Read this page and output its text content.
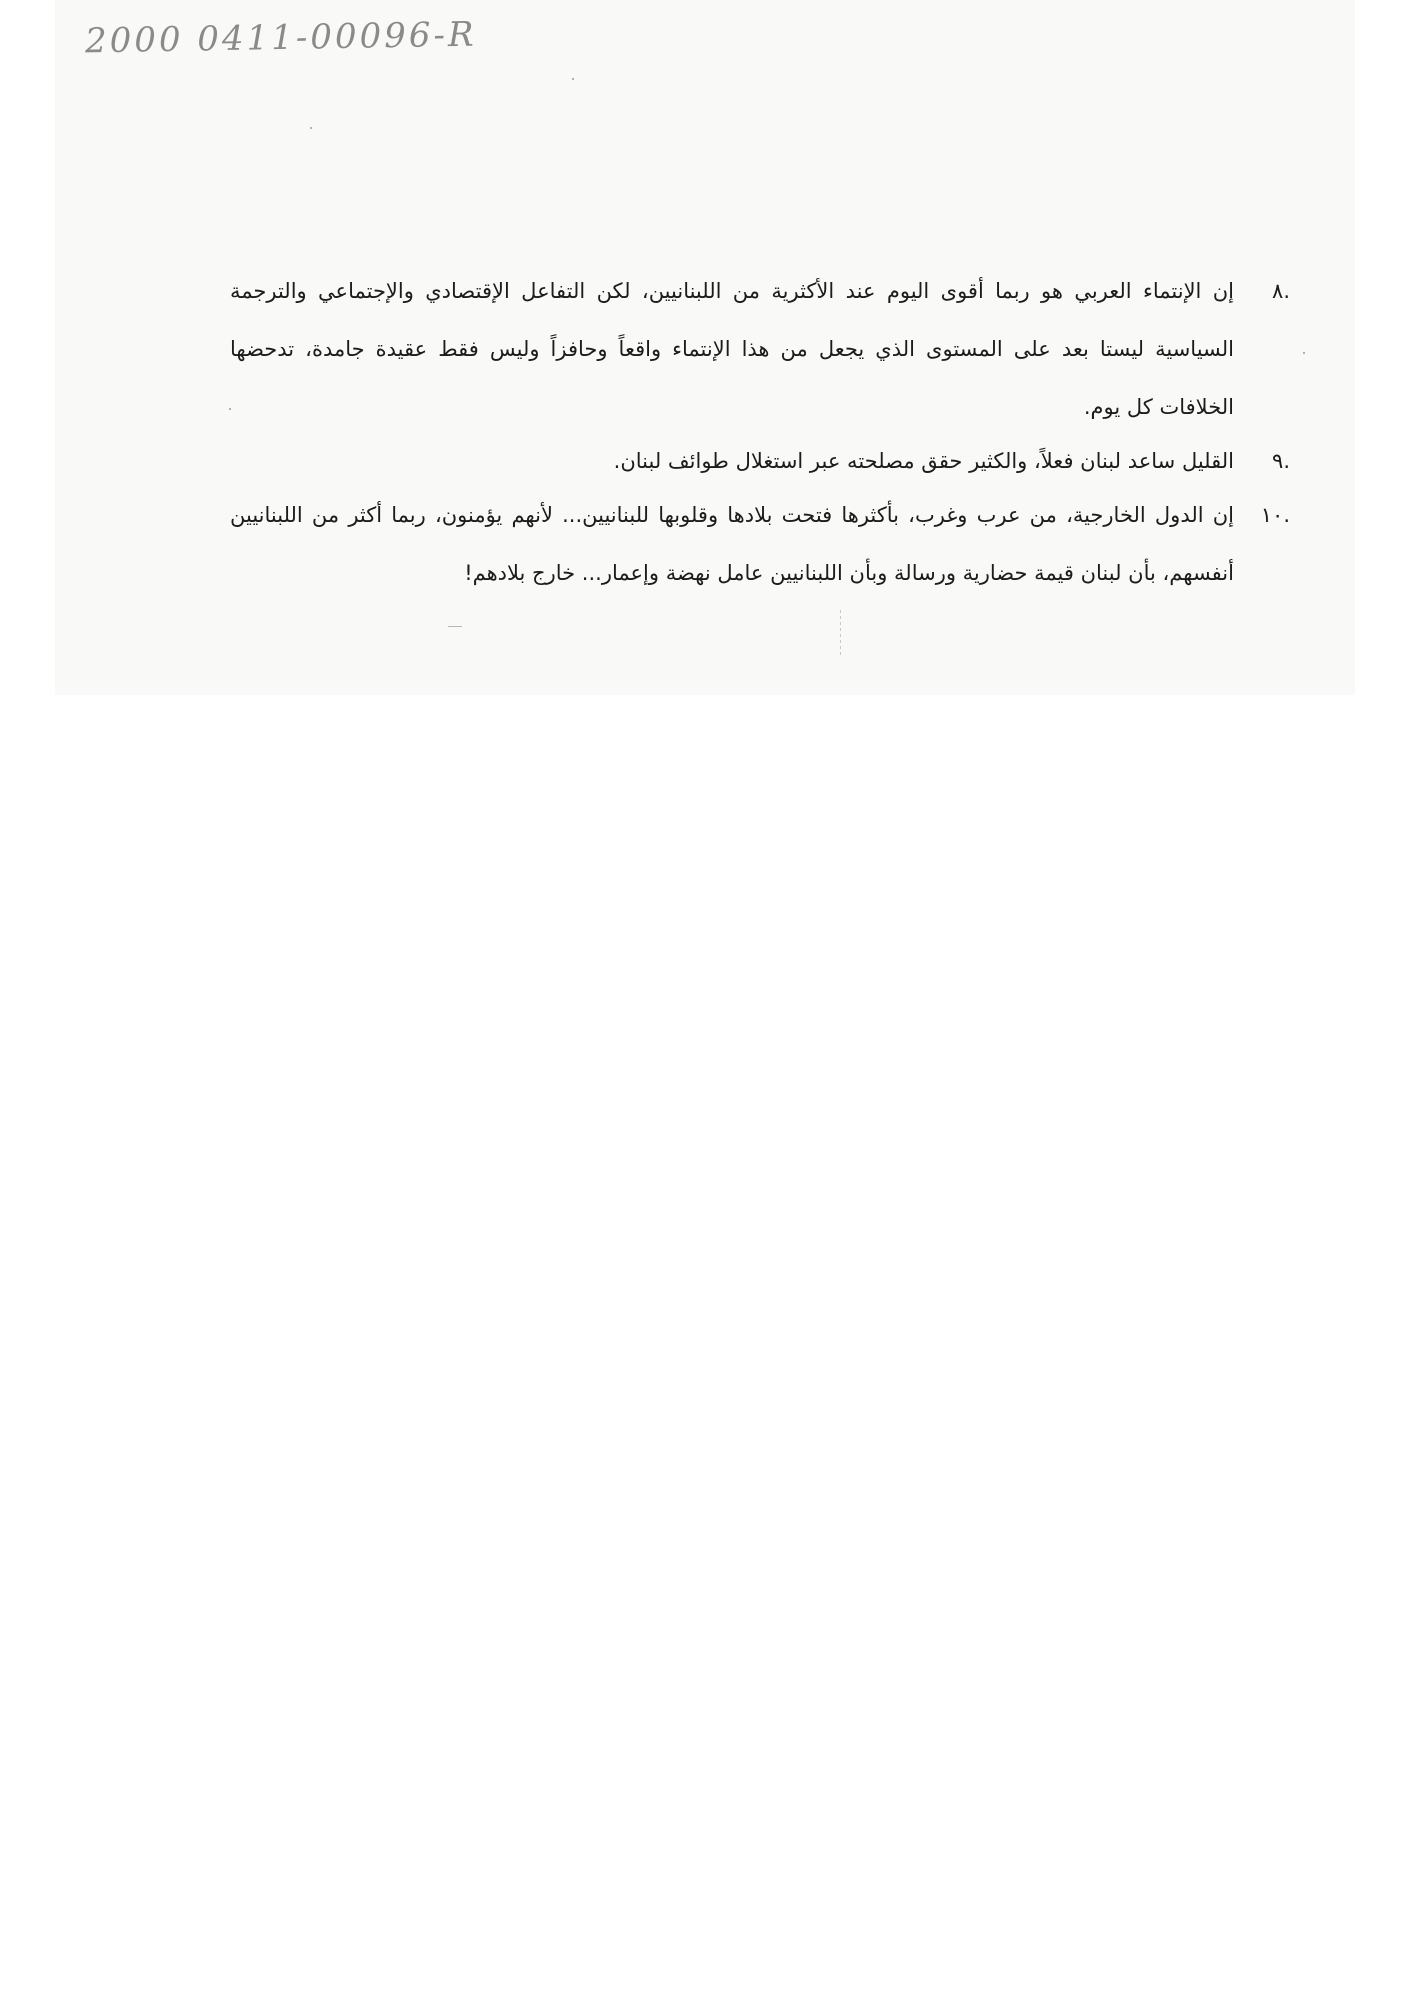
2000 0411-00096-R
.٨
إن الإنتماء العربي هو ربما أقوى اليوم عند الأكثرية من اللبنانيين، لكن التفاعل الإقتصادي والإجتماعي والترجمة السياسية ليستا بعد على المستوى الذي يجعل من هذا الإنتماء واقعاً وحافزاً وليس فقط عقيدة جامدة، تدحضها الخلافات كل يوم.
.٩
القليل ساعد لبنان فعلاً، والكثير حقق مصلحته عبر استغلال طوائف لبنان.
.١٠
إن الدول الخارجية، من عرب وغرب، بأكثرها فتحت بلادها وقلوبها للبنانيين... لأنهم يؤمنون، ربما أكثر من اللبنانيين أنفسهم، بأن لبنان قيمة حضارية ورسالة وبأن اللبنانيين عامل نهضة وإعمار... خارج بلادهم!
